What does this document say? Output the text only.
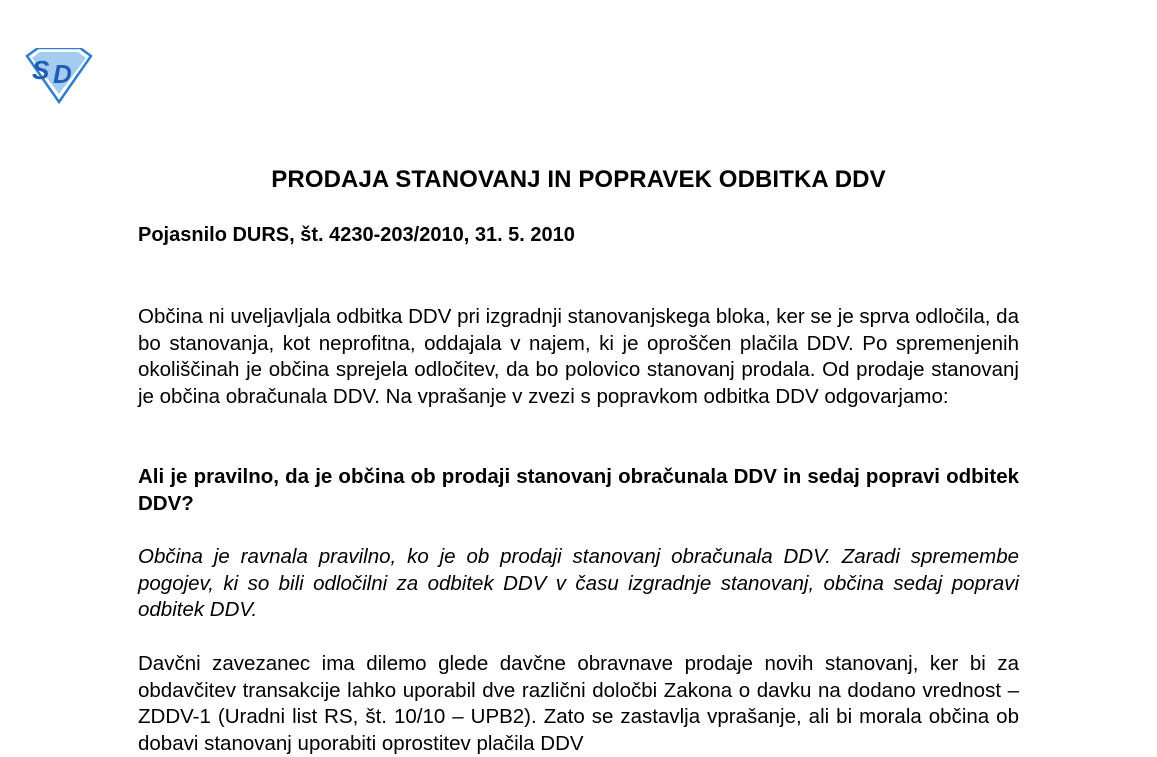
S D
PRODAJA STANOVANJ IN POPRAVEK ODBITKA DDV
Pojasnilo DURS, št. 4230-203/2010, 31. 5. 2010

Občina ni uveljavljala odbitka DDV pri izgradnji stanovanjskega bloka, ker se je sprva odločila, da bo stanovanja, kot neprofitna, oddajala v najem, ki je oproščen plačila DDV. Po spremenjenih okoliščinah je občina sprejela odločitev, da bo polovico stanovanj prodala. Od prodaje stanovanj je občina obračunala DDV. Na vprašanje v zvezi s popravkom odbitka DDV odgovarjamo:

Ali je pravilno, da je občina ob prodaji stanovanj obračunala DDV in sedaj popravi odbitek DDV?

Občina je ravnala pravilno, ko je ob prodaji stanovanj obračunala DDV. Zaradi spremembe pogojev, ki so bili odločilni za odbitek DDV v času izgradnje stanovanj, občina sedaj popravi odbitek DDV.

Davčni zavezanec ima dilemo glede davčne obravnave prodaje novih stanovanj, ker bi za obdavčitev transakcije lahko uporabil dve različni določbi Zakona o davku na dodano vrednost – ZDDV-1 (Uradni list RS, št. 10/10 – UPB2). Zato se zastavlja vprašanje, ali bi morala občina ob dobavi stanovanj uporabiti oprostitev plačila DDV
